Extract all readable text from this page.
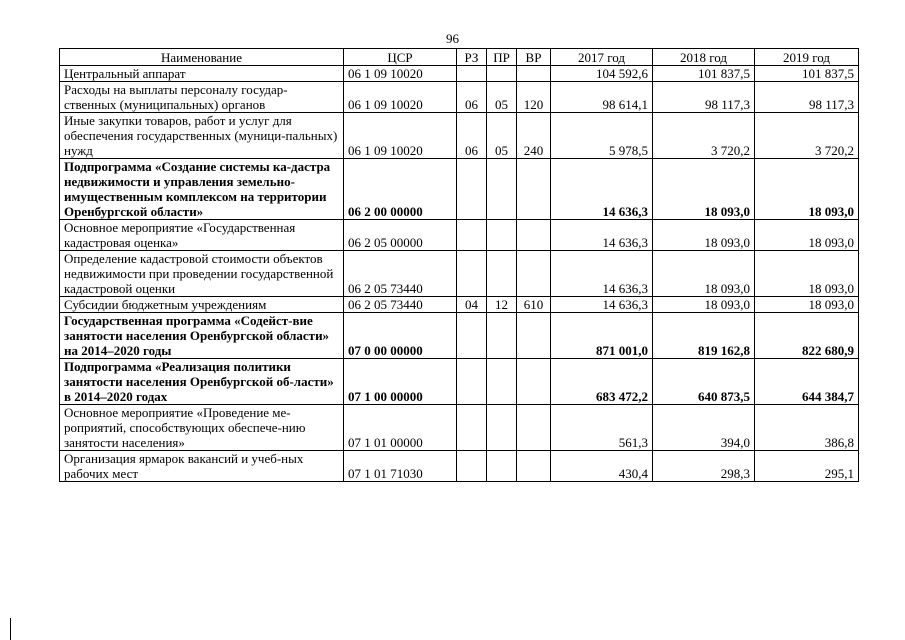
96
Наименование	ЦСР	РЗ	ПР	ВР	2017 год	2018 год	2019 год
Центральный аппарат	06 1 09 10020				104 592,6	101 837,5	101 837,5
Расходы на выплаты персоналу государ-ственных (муниципальных) органов	06 1 09 10020	06	05	120	98 614,1	98 117,3	98 117,3
Иные закупки товаров, работ и услуг для обеспечения государственных (муници-пальных) нужд	06 1 09 10020	06	05	240	5 978,5	3 720,2	3 720,2
Подпрограмма «Создание системы ка-дастра недвижимости и управления земельно-имущественным комплексом на территории Оренбургской области»	06 2 00 00000				14 636,3	18 093,0	18 093,0
Основное мероприятие «Государственная кадастровая оценка»	06 2 05 00000				14 636,3	18 093,0	18 093,0
Определение кадастровой стоимости объектов недвижимости при проведении государственной кадастровой оценки	06 2 05 73440				14 636,3	18 093,0	18 093,0
Субсидии бюджетным учреждениям	06 2 05 73440	04	12	610	14 636,3	18 093,0	18 093,0
Государственная программа «Содейст-вие занятости населения Оренбургской области» на 2014–2020 годы	07 0 00 00000				871 001,0	819 162,8	822 680,9
Подпрограмма «Реализация политики занятости населения Оренбургской об-ласти» в 2014–2020 годах	07 1 00 00000				683 472,2	640 873,5	644 384,7
Основное мероприятие «Проведение ме-роприятий, способствующих обеспече-нию занятости населения»	07 1 01 00000				561,3	394,0	386,8
Организация ярмарок вакансий и учеб-ных рабочих мест	07 1 01 71030				430,4	298,3	295,1
